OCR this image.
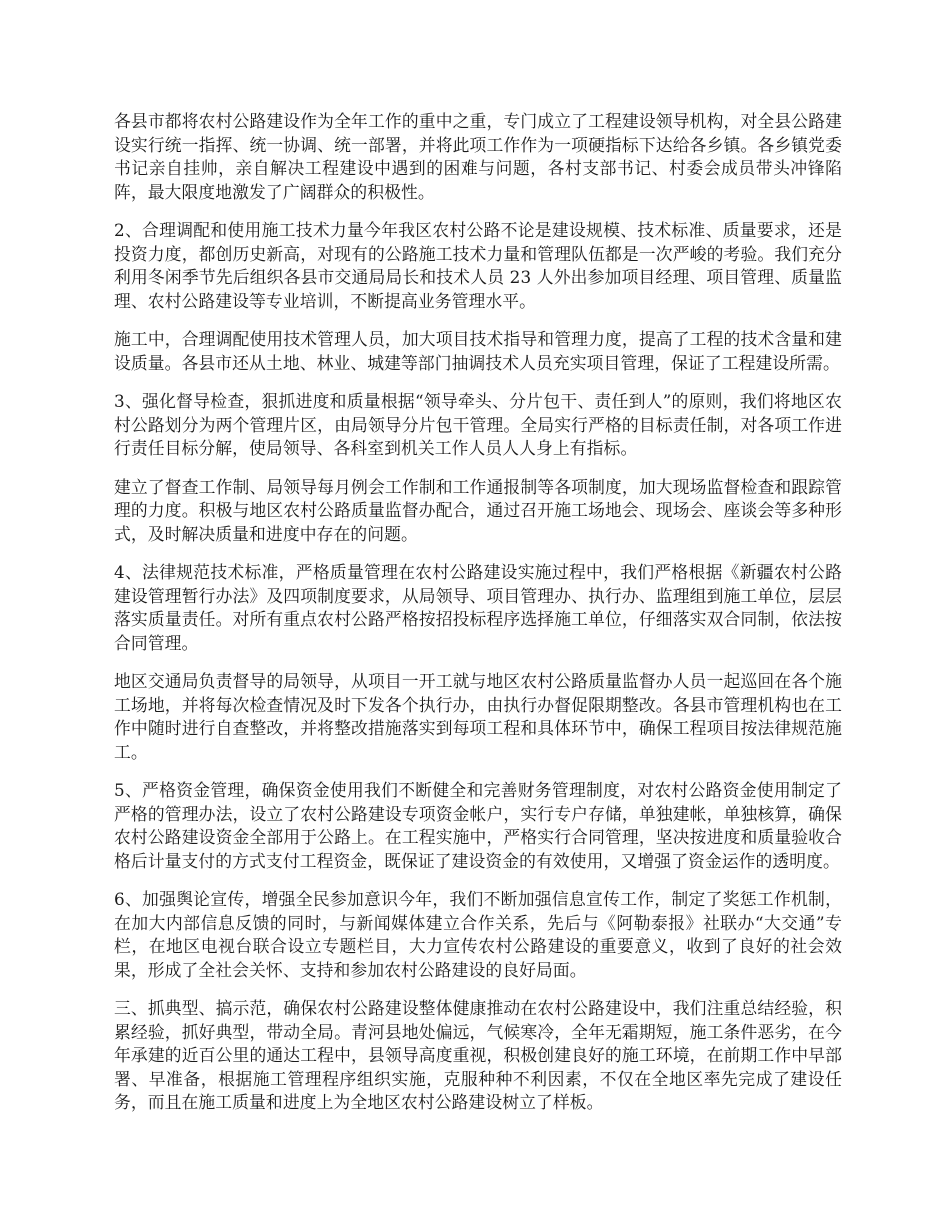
各县市都将农村公路建设作为全年工作的重中之重，专门成立了工程建设领导机构，对全县公路建设实行统一指挥、统一协调、统一部署，并将此项工作作为一项硬指标下达给各乡镇。各乡镇党委书记亲自挂帅，亲自解决工程建设中遇到的困难与问题，各村支部书记、村委会成员带头冲锋陷阵，最大限度地激发了广阔群众的积极性。

2、合理调配和使用施工技术力量今年我区农村公路不论是建设规模、技术标准、质量要求，还是投资力度，都创历史新高，对现有的公路施工技术力量和管理队伍都是一次严峻的考验。我们充分利用冬闲季节先后组织各县市交通局局长和技术人员 23 人外出参加项目经理、项目管理、质量监理、农村公路建设等专业培训，不断提高业务管理水平。

施工中，合理调配使用技术管理人员，加大项目技术指导和管理力度，提高了工程的技术含量和建设质量。各县市还从土地、林业、城建等部门抽调技术人员充实项目管理，保证了工程建设所需。

3、强化督导检查，狠抓进度和质量根据“领导牵头、分片包干、责任到人”的原则，我们将地区农村公路划分为两个管理片区，由局领导分片包干管理。全局实行严格的目标责任制，对各项工作进行责任目标分解，使局领导、各科室到机关工作人员人人身上有指标。

建立了督查工作制、局领导每月例会工作制和工作通报制等各项制度，加大现场监督检查和跟踪管理的力度。积极与地区农村公路质量监督办配合，通过召开施工场地会、现场会、座谈会等多种形式，及时解决质量和进度中存在的问题。

4、法律规范技术标准，严格质量管理在农村公路建设实施过程中，我们严格根据《新疆农村公路建设管理暂行办法》及四项制度要求，从局领导、项目管理办、执行办、监理组到施工单位，层层落实质量责任。对所有重点农村公路严格按招投标程序选择施工单位，仔细落实双合同制，依法按合同管理。

地区交通局负责督导的局领导，从项目一开工就与地区农村公路质量监督办人员一起巡回在各个施工场地，并将每次检查情况及时下发各个执行办，由执行办督促限期整改。各县市管理机构也在工作中随时进行自查整改，并将整改措施落实到每项工程和具体环节中，确保工程项目按法律规范施工。

5、严格资金管理，确保资金使用我们不断健全和完善财务管理制度，对农村公路资金使用制定了严格的管理办法，设立了农村公路建设专项资金帐户，实行专户存储，单独建帐，单独核算，确保农村公路建设资金全部用于公路上。在工程实施中，严格实行合同管理，坚决按进度和质量验收合格后计量支付的方式支付工程资金，既保证了建设资金的有效使用，又增强了资金运作的透明度。

6、加强舆论宣传，增强全民参加意识今年，我们不断加强信息宣传工作，制定了奖惩工作机制，在加大内部信息反馈的同时，与新闻媒体建立合作关系，先后与《阿勒泰报》社联办“大交通”专栏，在地区电视台联合设立专题栏目，大力宣传农村公路建设的重要意义，收到了良好的社会效果，形成了全社会关怀、支持和参加农村公路建设的良好局面。

三、抓典型、搞示范，确保农村公路建设整体健康推动在农村公路建设中，我们注重总结经验，积累经验，抓好典型，带动全局。青河县地处偏远，气候寒冷，全年无霜期短，施工条件恶劣，在今年承建的近百公里的通达工程中，县领导高度重视，积极创建良好的施工环境，在前期工作中早部署、早准备，根据施工管理程序组织实施，克服种种不利因素，不仅在全地区率先完成了建设任务，而且在施工质量和进度上为全地区农村公路建设树立了样板。
